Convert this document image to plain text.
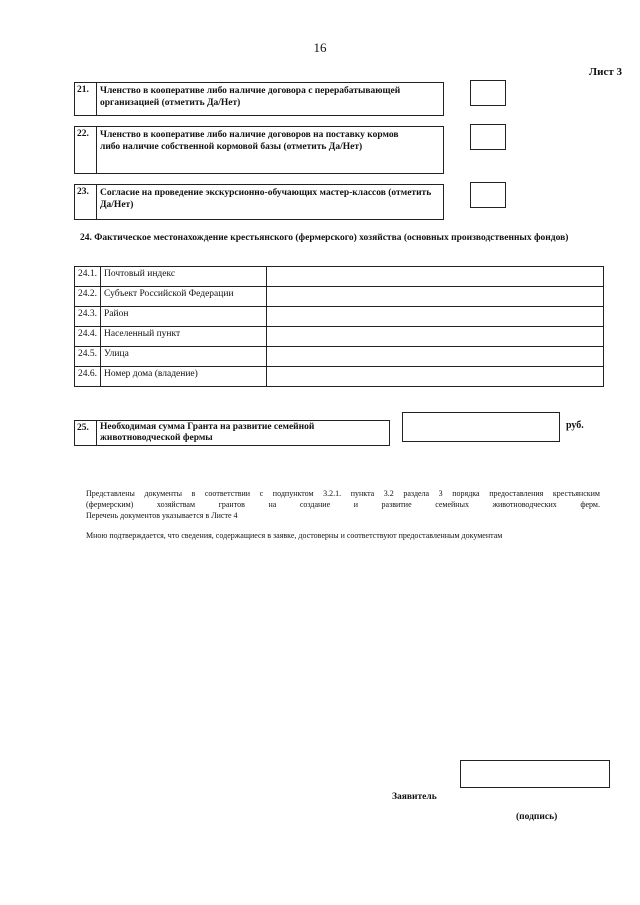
16
Лист 3
21.	Членство в кооперативе либо наличие договора с перерабатывающей организацией (отметить Да/Нет)
22.	Членство в кооперативе либо наличие договоров на поставку кормов либо наличие собственной кормовой базы (отметить Да/Нет)
23.	Согласие на проведение экскурсионно-обучающих мастер-классов (отметить Да/Нет)
24. Фактическое местонахождение крестьянского (фермерского) хозяйства (основных производственных фондов)
24.1.	Почтовый индекс	
24.2.	Субъект Российской Федерации	
24.3.	Район	
24.4.	Населенный пункт	
24.5.	Улица	
24.6.	Номер дома (владение)	
25.	Необходимая сумма Гранта на развитие семейной животноводческой фермы
руб.
Представлены документы в соответствии с подпунктом 3.2.1. пункта 3.2 раздела 3 порядка предоставления крестьянским
(фермерским) хозяйствам грантов на создание и развитие семейных животноводческих ферм.
Перечень документов указывается в Листе 4
Мною подтверждается, что сведения, содержащиеся в заявке, достоверны и соответствуют предоставленным документам
Заявитель
(подпись)
